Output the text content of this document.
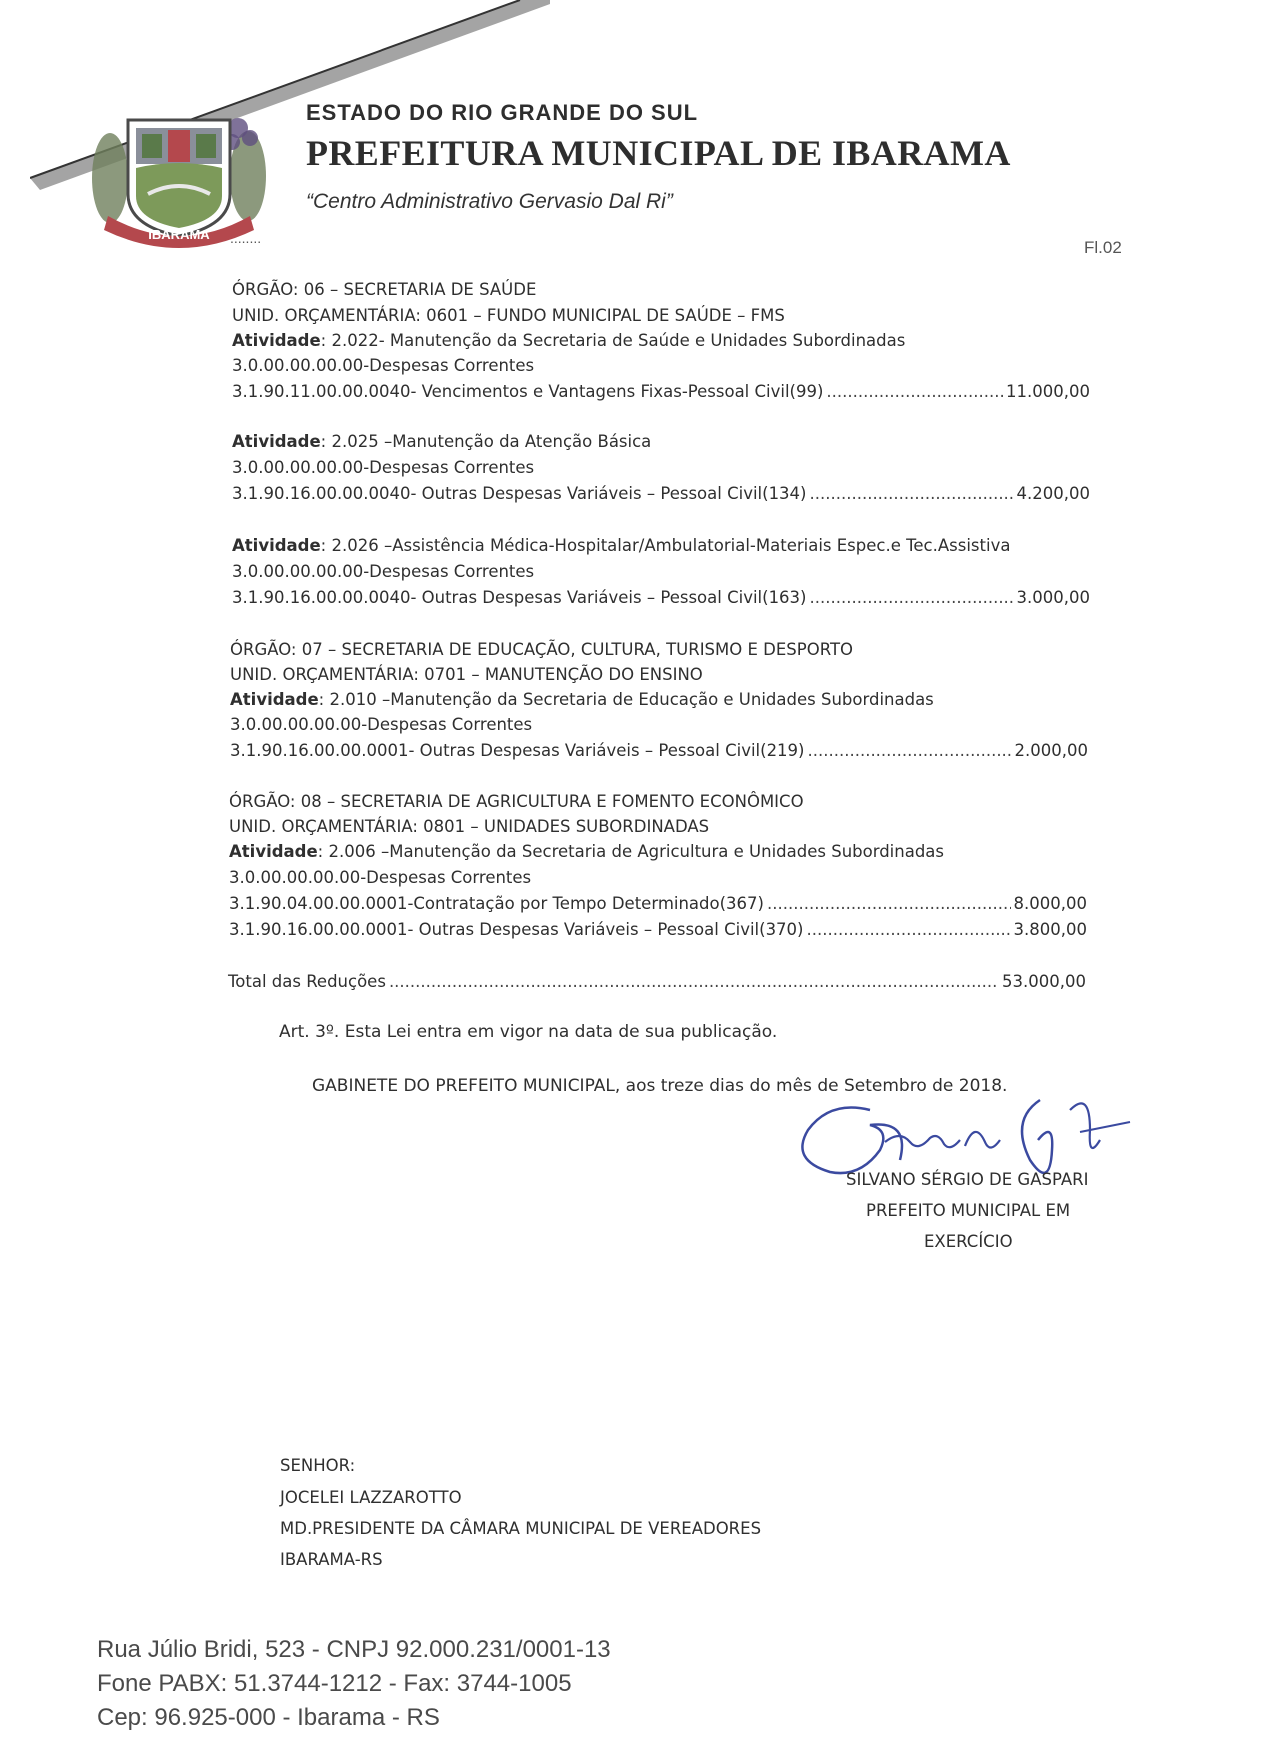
IBARAMA
ESTADO DO RIO GRANDE DO SUL
PREFEITURA MUNICIPAL DE IBARAMA
“Centro Administrativo Gervasio Dal Ri”
........	Fl.02
ÓRGÃO: 06 – SECRETARIA DE SAÚDE
UNID. ORÇAMENTÁRIA: 0601 – FUNDO MUNICIPAL DE SAÚDE – FMS
Atividade: 2.022- Manutenção da Secretaria de Saúde e Unidades Subordinadas
3.0.00.00.00.00-Despesas Correntes
3.1.90.11.00.00.0040- Vencimentos e Vantagens Fixas-Pessoal Civil(99) .....	11.000,00
Atividade: 2.025 –Manutenção da Atenção Básica
3.0.00.00.00.00-Despesas Correntes
3.1.90.16.00.00.0040- Outras Despesas Variáveis – Pessoal Civil(134) .....	4.200,00
Atividade: 2.026 –Assistência Médica-Hospitalar/Ambulatorial-Materiais Espec.e Tec.Assistiva
3.0.00.00.00.00-Despesas Correntes
3.1.90.16.00.00.0040- Outras Despesas Variáveis – Pessoal Civil(163) .....	3.000,00
ÓRGÃO: 07 – SECRETARIA DE EDUCAÇÃO, CULTURA, TURISMO E DESPORTO
UNID. ORÇAMENTÁRIA: 0701 – MANUTENÇÃO DO ENSINO
Atividade: 2.010 –Manutenção da Secretaria de Educação e Unidades Subordinadas
3.0.00.00.00.00-Despesas Correntes
3.1.90.16.00.00.0001- Outras Despesas Variáveis – Pessoal Civil(219) .....	2.000,00
ÓRGÃO: 08 – SECRETARIA DE AGRICULTURA E FOMENTO ECONÔMICO
UNID. ORÇAMENTÁRIA: 0801 – UNIDADES SUBORDINADAS
Atividade: 2.006 –Manutenção da Secretaria de Agricultura e Unidades Subordinadas
3.0.00.00.00.00-Despesas Correntes
3.1.90.04.00.00.0001-Contratação por Tempo Determinado(367) .....	8.000,00
3.1.90.16.00.00.0001- Outras Despesas Variáveis – Pessoal Civil(370) .....	3.800,00
Total das Reduções .....	53.000,00
Art. 3º. Esta Lei entra em vigor na data de sua publicação.
GABINETE DO PREFEITO MUNICIPAL, aos treze dias do mês de Setembro de 2018.
SILVANO SÉRGIO DE GASPARI
PREFEITO MUNICIPAL EM
EXERCÍCIO
SENHOR:
JOCELEI LAZZAROTTO
MD.PRESIDENTE DA CÂMARA MUNICIPAL DE VEREADORES
IBARAMA-RS
Rua Júlio Bridi, 523 - CNPJ 92.000.231/0001-13
Fone PABX: 51.3744-1212 - Fax: 3744-1005
Cep: 96.925-000 - Ibarama - RS
